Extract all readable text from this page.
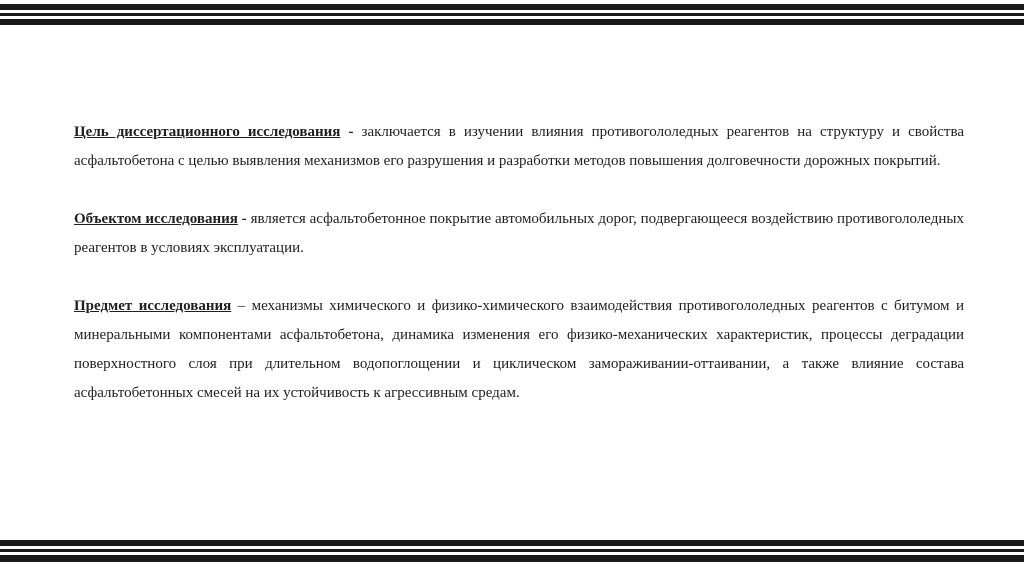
Цель диссертационного исследования - заключается в изучении влияния противогололедных реагентов на структуру и свойства асфальтобетона с целью выявления механизмов его разрушения и разработки методов повышения долговечности дорожных покрытий.

Объектом исследования - является асфальтобетонное покрытие автомобильных дорог, подвергающееся воздействию противогололедных реагентов в условиях эксплуатации.

Предмет исследования – механизмы химического и физико-химического взаимодействия противогололедных реагентов с битумом и минеральными компонентами асфальтобетона, динамика изменения его физико-механических характеристик, процессы деградации поверхностного слоя при длительном водопоглощении и циклическом замораживании-оттаивании, а также влияние состава асфальтобетонных смесей на их устойчивость к агрессивным средам.
